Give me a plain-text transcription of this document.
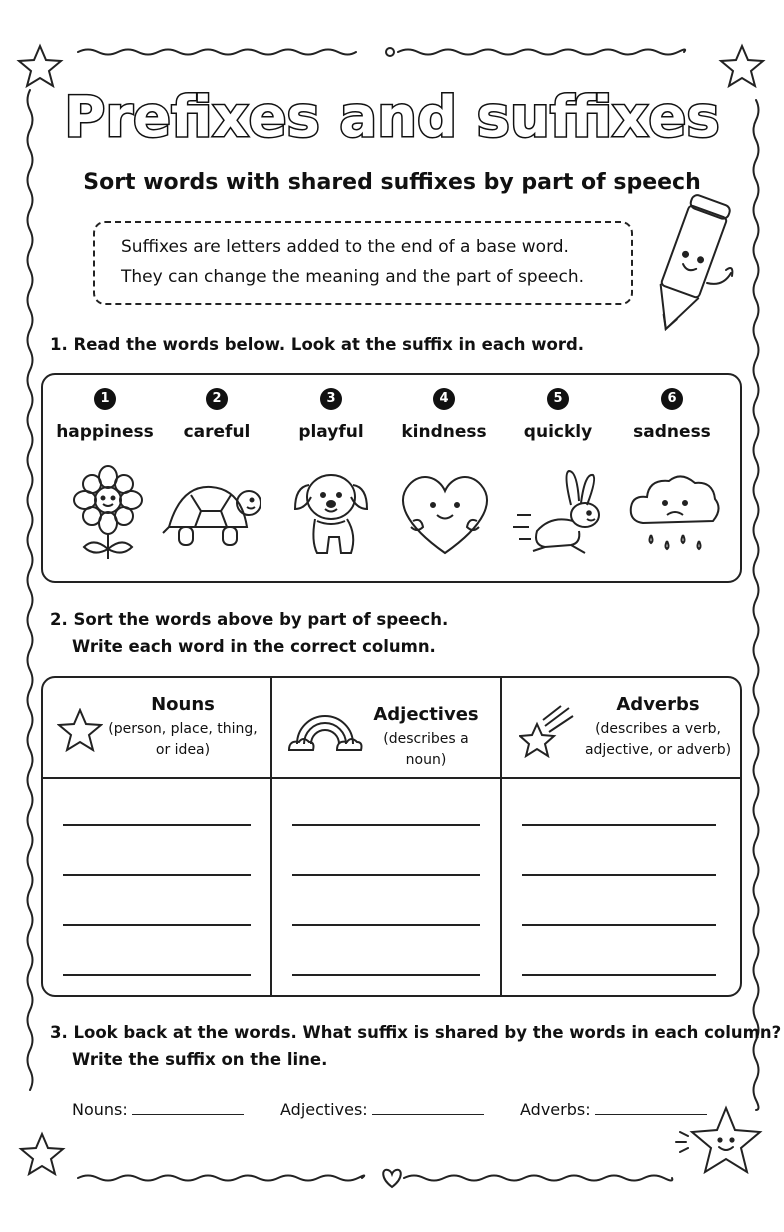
Prefixes and suffixes
Sort words with shared suffixes by part of speech
Suffixes are letters added to the end of a base word.
They can change the meaning and the part of speech.
1. Read the words below. Look at the suffix in each word.
1
happiness
2
careful
3
playful
4
kindness
5
quickly
6
sadness
2. Sort the words above by part of speech.
Write each word in the correct column.
Nouns
(person, place, thing,
or idea)
Adjectives
(describes a noun)
Adverbs
(describes a verb,
adjective, or adverb)
3. Look back at the words. What suffix is shared by the words in each column?
Write the suffix on the line.
Nouns:	Adjectives:	Adverbs:
